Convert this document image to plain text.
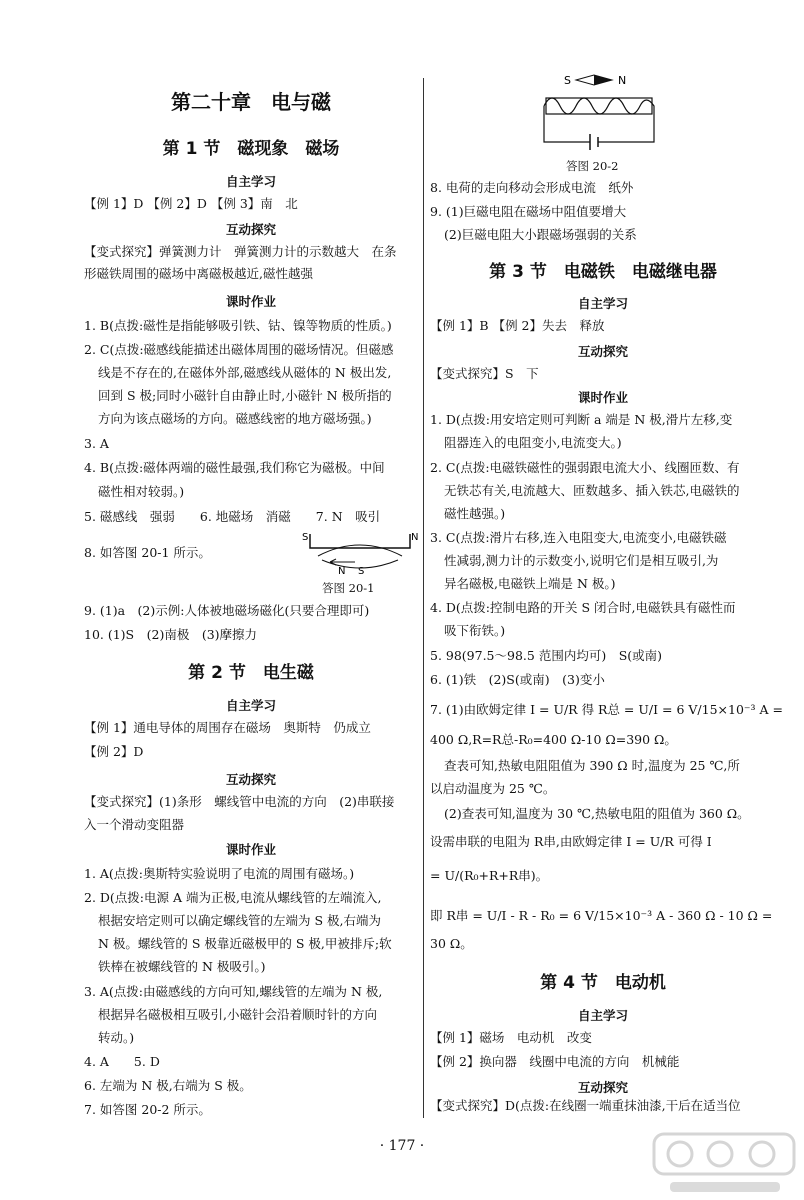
第二十章　电与磁
第 1 节　磁现象　磁场
自主学习
【例 1】D 【例 2】D 【例 3】南　北
互动探究
【变式探究】弹簧测力计　弹簧测力计的示数越大　在条
形磁铁周围的磁场中离磁极越近,磁性越强
课时作业
1. B(点拨:磁性是指能够吸引铁、钴、镍等物质的性质。)
2. C(点拨:磁感线能描述出磁体周围的磁场情况。但磁感
线是不存在的,在磁体外部,磁感线从磁体的 N 极出发,
回到 S 极;同时小磁针自由静止时,小磁针 N 极所指的
方向为该点磁场的方向。磁感线密的地方磁场强。)
3. A
4. B(点拨:磁体两端的磁性最强,我们称它为磁极。中间
磁性相对较弱。)
5. 磁感线　强弱　　6. 地磁场　消磁　　7. N　吸引
8. 如答图 20-1 所示。
S	N
N S
答图 20-1
9. (1)a　(2)示例:人体被地磁场磁化(只要合理即可)
10. (1)S　(2)南极　(3)摩擦力
第 2 节　电生磁
自主学习
【例 1】通电导体的周围存在磁场　奥斯特　仍成立
【例 2】D
互动探究
【变式探究】(1)条形　螺线管中电流的方向　(2)串联接
入一个滑动变阻器
课时作业
1. A(点拨:奥斯特实验说明了电流的周围有磁场。)
2. D(点拨:电源 A 端为正极,电流从螺线管的左端流入,
根据安培定则可以确定螺线管的左端为 S 极,右端为
N 极。螺线管的 S 极靠近磁极甲的 S 极,甲被排斥;软
铁棒在被螺线管的 N 极吸引。)
3. A(点拨:由磁感线的方向可知,螺线管的左端为 N 极,
根据异名磁极相互吸引,小磁针会沿着顺时针的方向
转动。)
4. A　　5. D
6. 左端为 N 极,右端为 S 极。
7. 如答图 20-2 所示。
S	N
答图 20-2
8. 电荷的走向移动会形成电流　纸外
9. (1)巨磁电阻在磁场中阻值要增大
(2)巨磁电阻大小跟磁场强弱的关系
第 3 节　电磁铁　电磁继电器
自主学习
【例 1】B 【例 2】失去　释放
互动探究
【变式探究】S　下
课时作业
1. D(点拨:用安培定则可判断 a 端是 N 极,滑片左移,变
阻器连入的电阻变小,电流变大。)
2. C(点拨:电磁铁磁性的强弱跟电流大小、线圈匝数、有
无铁芯有关,电流越大、匝数越多、插入铁芯,电磁铁的
磁性越强。)
3. C(点拨:滑片右移,连入电阻变大,电流变小,电磁铁磁
性减弱,测力计的示数变小,说明它们是相互吸引,为
异名磁极,电磁铁上端是 N 极。)
4. D(点拨:控制电路的开关 S 闭合时,电磁铁具有磁性而
吸下衔铁。)
5. 98(97.5～98.5 范围内均可)　S(或南)
6. (1)铁　(2)S(或南)　(3)变小
7. (1)由欧姆定律 I = U/R 得 R总 = U/I = 6 V/15×10⁻³ A =
400 Ω,R=R总-R₀=400 Ω-10 Ω=390 Ω。
查表可知,热敏电阻阻值为 390 Ω 时,温度为 25 ℃,所
以启动温度为 25 ℃。
(2)查表可知,温度为 30 ℃,热敏电阻的阻值为 360 Ω。
设需串联的电阻为 R串,由欧姆定律 I = U/R 可得 I
= U/(R₀+R+R串)。
即 R串 = U/I - R - R₀ = 6 V/15×10⁻³ A - 360 Ω - 10 Ω =
30 Ω。
第 4 节　电动机
自主学习
【例 1】磁场　电动机　改变
【例 2】换向器　线圈中电流的方向　机械能
互动探究
【变式探究】D(点拨:在线圈一端重抹油漆,干后在适当位
· 177 ·
